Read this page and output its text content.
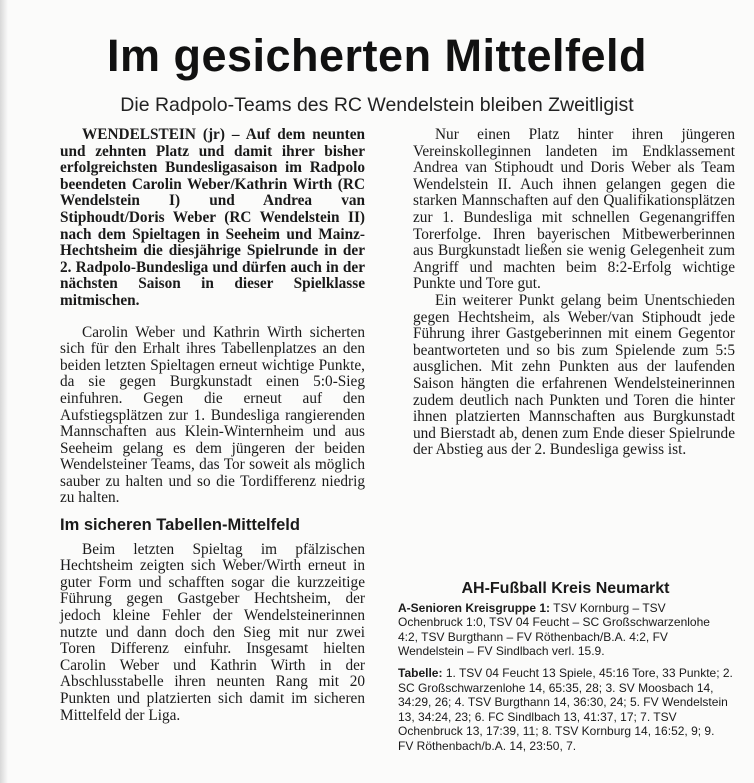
Im gesicherten Mittelfeld
Die Radpolo-Teams des RC Wendelstein bleiben Zweitligist

WENDELSTEIN (jr) – Auf dem neunten und zehnten Platz und damit ihrer bisher erfolgreichsten Bundesligasaison im Radpolo beendeten Carolin Weber/Kathrin Wirth (RC Wendelstein I) und Andrea van Stiphoudt/Doris Weber (RC Wendelstein II) nach dem Spieltagen in Seeheim und Mainz-Hechtsheim die diesjährige Spielrunde in der 2. Radpolo-Bundesliga und dürfen auch in der nächsten Saison in dieser Spielklasse mitmischen.

Carolin Weber und Kathrin Wirth sicherten sich für den Erhalt ihres Tabellenplatzes an den beiden letzten Spieltagen erneut wichtige Punkte, da sie gegen Burgkunstadt einen 5:0-Sieg einfuhren. Gegen die erneut auf den Aufstiegsplätzen zur 1. Bundesliga rangierenden Mannschaften aus Klein-Winternheim und aus Seeheim gelang es dem jüngeren der beiden Wendelsteiner Teams, das Tor soweit als möglich sauber zu halten und so die Tordifferenz niedrig zu halten.

Im sicheren Tabellen-Mittelfeld

Beim letzten Spieltag im pfälzischen Hechtsheim zeigten sich Weber/Wirth erneut in guter Form und schafften sogar die kurzzeitige Führung gegen Gastgeber Hechtsheim, der jedoch kleine Fehler der Wendelsteinerinnen nutzte und dann doch den Sieg mit nur zwei Toren Differenz einfuhr. Insgesamt hielten Carolin Weber und Kathrin Wirth in der Abschlusstabelle ihren neunten Rang mit 20 Punkten und platzierten sich damit im sicheren Mittelfeld der Liga.

Nur einen Platz hinter ihren jüngeren Vereinskolleginnen landeten im Endklassement Andrea van Stiphoudt und Doris Weber als Team Wendelstein II. Auch ihnen gelangen gegen die starken Mannschaften auf den Qualifikationsplätzen zur 1. Bundesliga mit schnellen Gegenangriffen Torerfolge. Ihren bayerischen Mitbewerberinnen aus Burgkunstadt ließen sie wenig Gelegenheit zum Angriff und machten beim 8:2-Erfolg wichtige Punkte und Tore gut.

Ein weiterer Punkt gelang beim Unentschieden gegen Hechtsheim, als Weber/van Stiphoudt jede Führung ihrer Gastgeberinnen mit einem Gegentor beantworteten und so bis zum Spielende zum 5:5 ausglichen. Mit zehn Punkten aus der laufenden Saison hängten die erfahrenen Wendelsteinerinnen zudem deutlich nach Punkten und Toren die hinter ihnen platzierten Mannschaften aus Burgkunstadt und Bierstadt ab, denen zum Ende dieser Spielrunde der Abstieg aus der 2. Bundesliga gewiss ist.

AH-Fußball Kreis Neumarkt

A-Senioren Kreisgruppe 1: TSV Kornburg – TSV Ochenbruck 1:0, TSV 04 Feucht – SC Großschwarzenlohe 4:2, TSV Burgthann – FV Röthenbach/B.A. 4:2, FV Wendelstein – FV Sindlbach verl. 15.9.

Tabelle: 1. TSV 04 Feucht 13 Spiele, 45:16 Tore, 33 Punkte; 2. SC Großschwarzenlohe 14, 65:35, 28; 3. SV Moosbach 14, 34:29, 26; 4. TSV Burgthann 14, 36:30, 24; 5. FV Wendelstein 13, 34:24, 23; 6. FC Sindlbach 13, 41:37, 17; 7. TSV Ochenbruck 13, 17:39, 11; 8. TSV Kornburg 14, 16:52, 9; 9. FV Röthenbach/b.A. 14, 23:50, 7.
